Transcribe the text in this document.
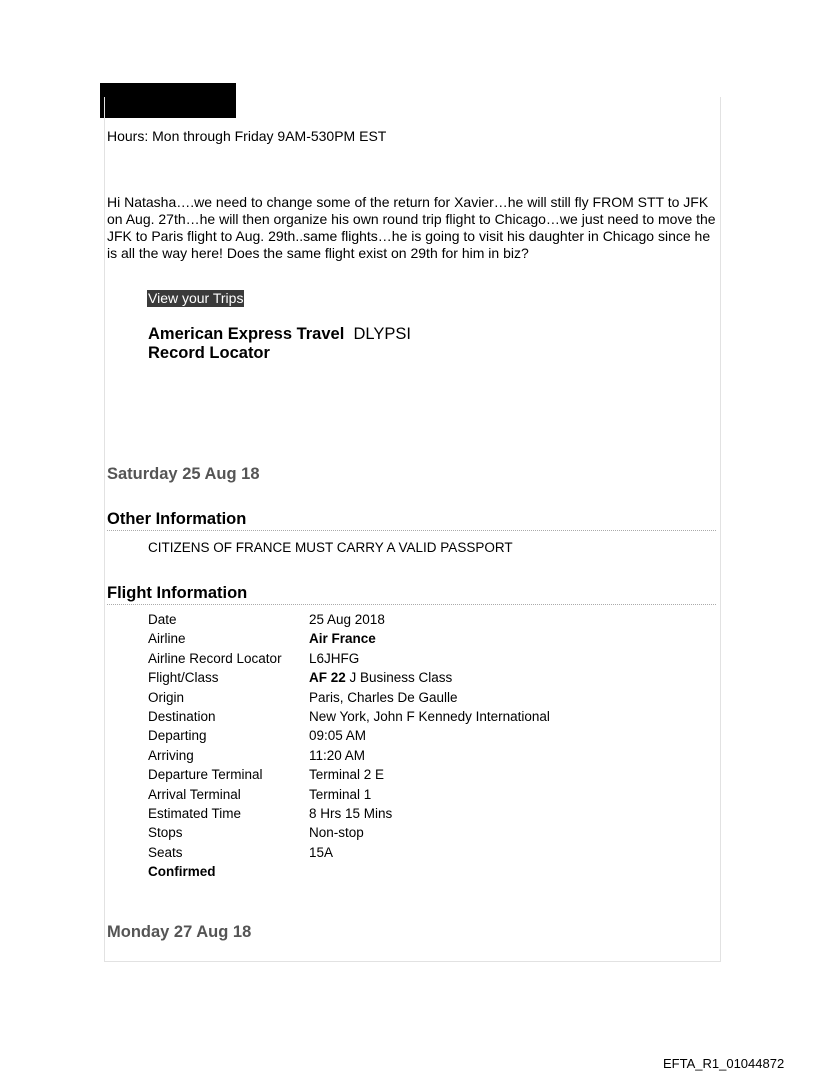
Hours: Mon through Friday 9AM-530PM EST
Hi Natasha….we need to change some of the return for Xavier…he will still fly FROM STT to JFK
on Aug. 27th…he will then organize his own round trip flight to Chicago…we just need to move the
JFK to Paris flight to Aug. 29th..same flights…he is going to visit his daughter in Chicago since he
is all the way here! Does the same flight exist on 29th for him in biz?
View your Trips
American Express Travel DLYPSI
Record Locator
Saturday 25 Aug 18
Other Information
CITIZENS OF FRANCE MUST CARRY A VALID PASSPORT
Flight Information
Date	25 Aug 2018
Airline	Air France
Airline Record Locator	L6JHFG
Flight/Class	AF 22 J Business Class
Origin	Paris, Charles De Gaulle
Destination	New York, John F Kennedy International
Departing	09:05 AM
Arriving	11:20 AM
Departure Terminal	Terminal 2 E
Arrival Terminal	Terminal 1
Estimated Time	8 Hrs 15 Mins
Stops	Non-stop
Seats	15A
Confirmed	
Monday 27 Aug 18
EFTA_R1_01044872
